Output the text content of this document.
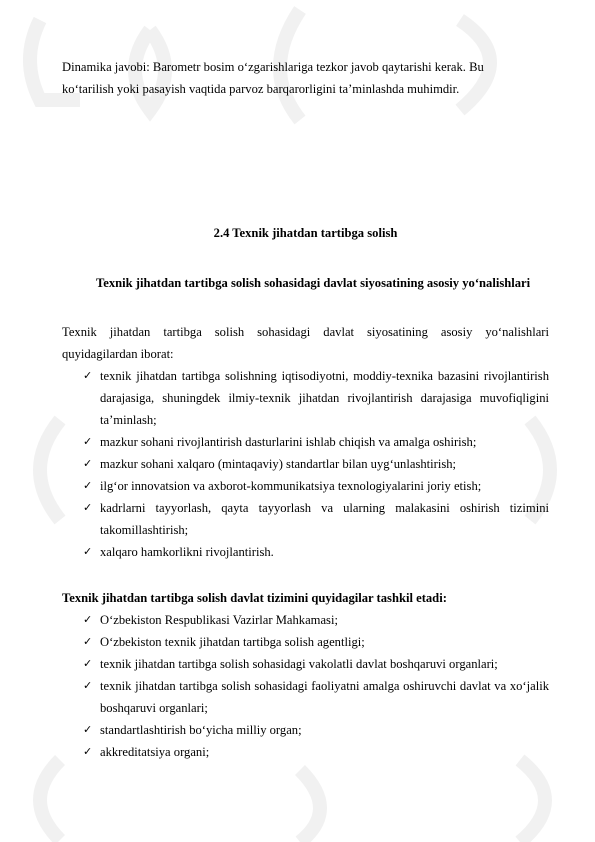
Dinamika javobi: Barometr bosim o‘zgarishlariga tezkor javob qaytarishi kerak. Bu
ko‘tarilish yoki pasayish vaqtida parvoz barqarorligini ta’minlashda muhimdir.
2.4 Texnik jihatdan tartibga solish
Texnik jihatdan tartibga solish sohasidagi davlat siyosatining asosiy yo‘nalishlari
Texnik jihatdan tartibga solish sohasidagi davlat siyosatining asosiy yo‘nalishlari quyidagilardan iborat:
✓ texnik jihatdan tartibga solishning iqtisodiyotni, moddiy-texnika bazasini rivojlantirish darajasiga, shuningdek ilmiy-texnik jihatdan rivojlantirish darajasiga muvofiqligini ta’minlash;
✓ mazkur sohani rivojlantirish dasturlarini ishlab chiqish va amalga oshirish;
✓ mazkur sohani xalqaro (mintaqaviy) standartlar bilan uyg‘unlashtirish;
✓ ilg‘or innovatsion va axborot-kommunikatsiya texnologiyalarini joriy etish;
✓ kadrlarni tayyorlash, qayta tayyorlash va ularning malakasini oshirish tizimini takomillashtirish;
✓ xalqaro hamkorlikni rivojlantirish.
Texnik jihatdan tartibga solish davlat tizimini quyidagilar tashkil etadi:
✓ O‘zbekiston Respublikasi Vazirlar Mahkamasi;
✓ O‘zbekiston texnik jihatdan tartibga solish agentligi;
✓ texnik jihatdan tartibga solish sohasidagi vakolatli davlat boshqaruvi organlari;
✓ texnik jihatdan tartibga solish sohasidagi faoliyatni amalga oshiruvchi davlat va xo‘jalik boshqaruvi organlari;
✓ standartlashtirish bo‘yicha milliy organ;
✓ akkreditatsiya organi;
